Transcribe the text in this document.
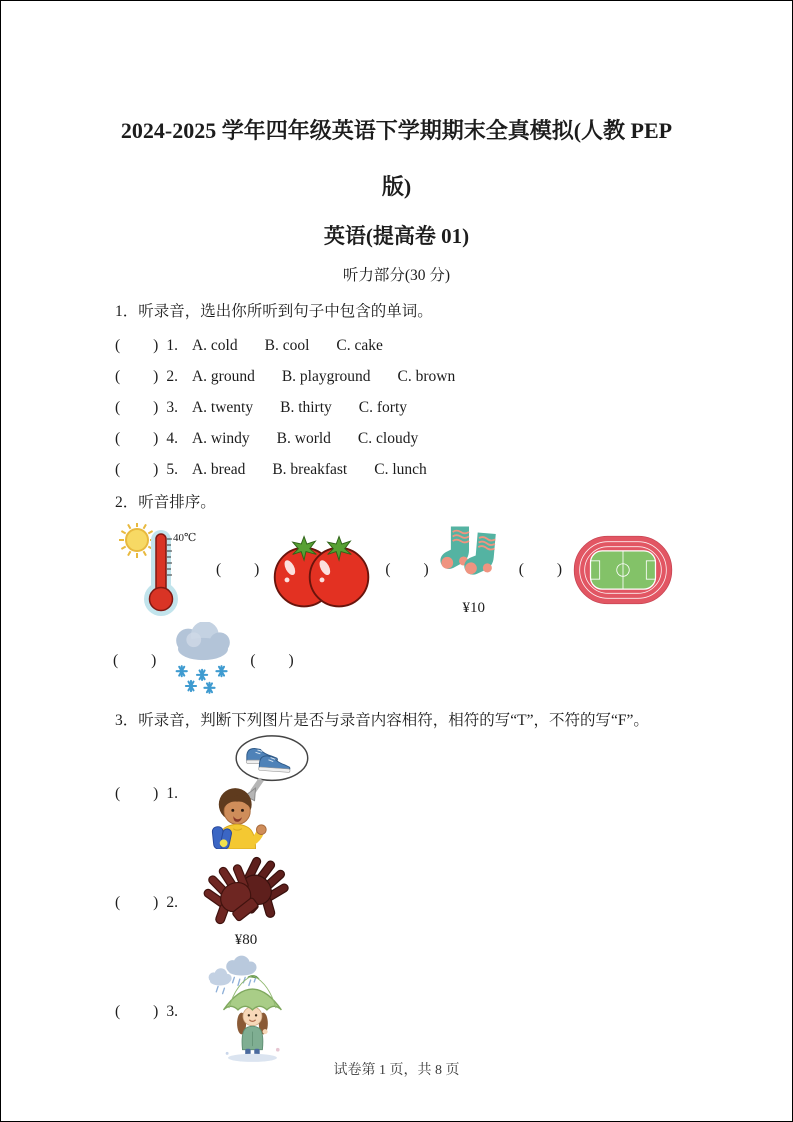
2024-2025 学年四年级英语下学期期末全真模拟(人教 PEP
版)
英语(提高卷 01)
听力部分(30 分)
1．听录音，选出你所听到句子中包含的单词。
( ) 1. A. cold B. cool C. cake
( ) 2. A. ground B. playground C. brown
( ) 3. A. twenty B. thirty C. forty
( ) 4. A. windy B. world C. cloudy
( ) 5. A. bread B. breakfast C. lunch
2．听音排序。
40℃
( )	( )
¥10
( )
( )	( )
3．听录音，判断下列图片是否与录音内容相符，相符的写“T”，不符的写“F”。
( ) 1.
( ) 2.
¥80
( ) 3.
试卷第 1 页，共 8 页
